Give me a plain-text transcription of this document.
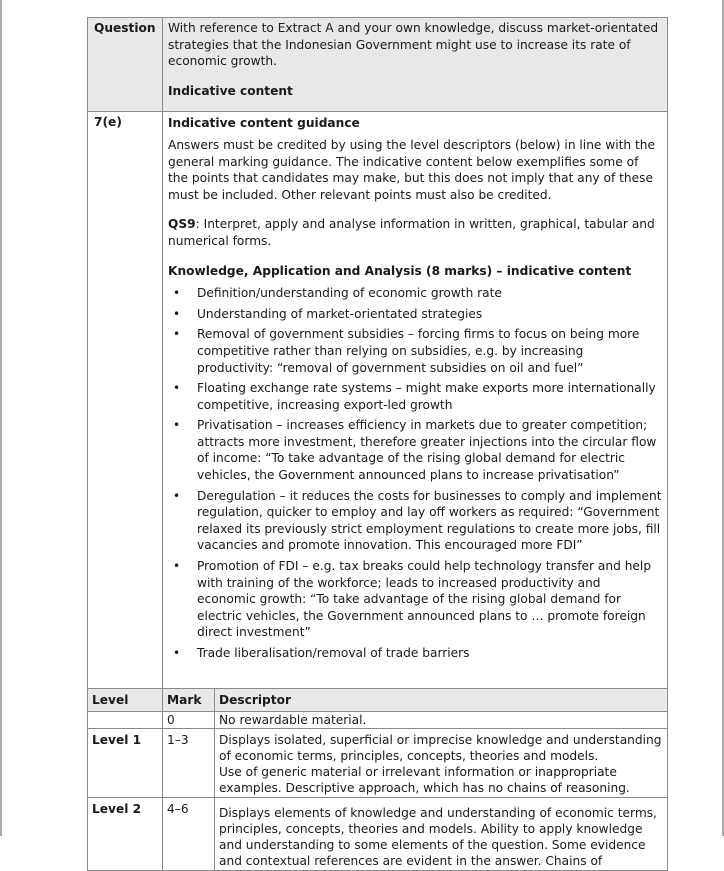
Question	With reference to Extract A and your own knowledge, discuss market-orientated strategies that the Indonesian Government might use to increase its rate of economic growth.

Indicative content

7(e)	Indicative content guidance

Answers must be credited by using the level descriptors (below) in line with the general marking guidance. The indicative content below exemplifies some of the points that candidates may make, but this does not imply that any of these must be included. Other relevant points must also be credited.

QS9: Interpret, apply and analyse information in written, graphical, tabular and numerical forms.

Knowledge, Application and Analysis (8 marks) – indicative content

• Definition/understanding of economic growth rate
• Understanding of market-orientated strategies
• Removal of government subsidies – forcing firms to focus on being more competitive rather than relying on subsidies, e.g. by increasing productivity: “removal of government subsidies on oil and fuel”
• Floating exchange rate systems – might make exports more internationally competitive, increasing export-led growth
• Privatisation – increases efficiency in markets due to greater competition; attracts more investment, therefore greater injections into the circular flow of income: “To take advantage of the rising global demand for electric vehicles, the Government announced plans to increase privatisation”
• Deregulation – it reduces the costs for businesses to comply and implement regulation, quicker to employ and lay off workers as required: “Government relaxed its previously strict employment regulations to create more jobs, fill vacancies and promote innovation. This encouraged more FDI”
• Promotion of FDI – e.g. tax breaks could help technology transfer and help with training of the workforce; leads to increased productivity and economic growth: “To take advantage of the rising global demand for electric vehicles, the Government announced plans to … promote foreign direct investment”
• Trade liberalisation/removal of trade barriers
Level	Mark	Descriptor
	0	No rewardable material.
Level 1	1–3	Displays isolated, superficial or imprecise knowledge and understanding of economic terms, principles, concepts, theories and models.
Use of generic material or irrelevant information or inappropriate examples. Descriptive approach, which has no chains of reasoning.

Level 2	4–6	Displays elements of knowledge and understanding of economic terms, principles, concepts, theories and models. Ability to apply knowledge and understanding to some elements of the question. Some evidence and contextual references are evident in the answer. Chains of
